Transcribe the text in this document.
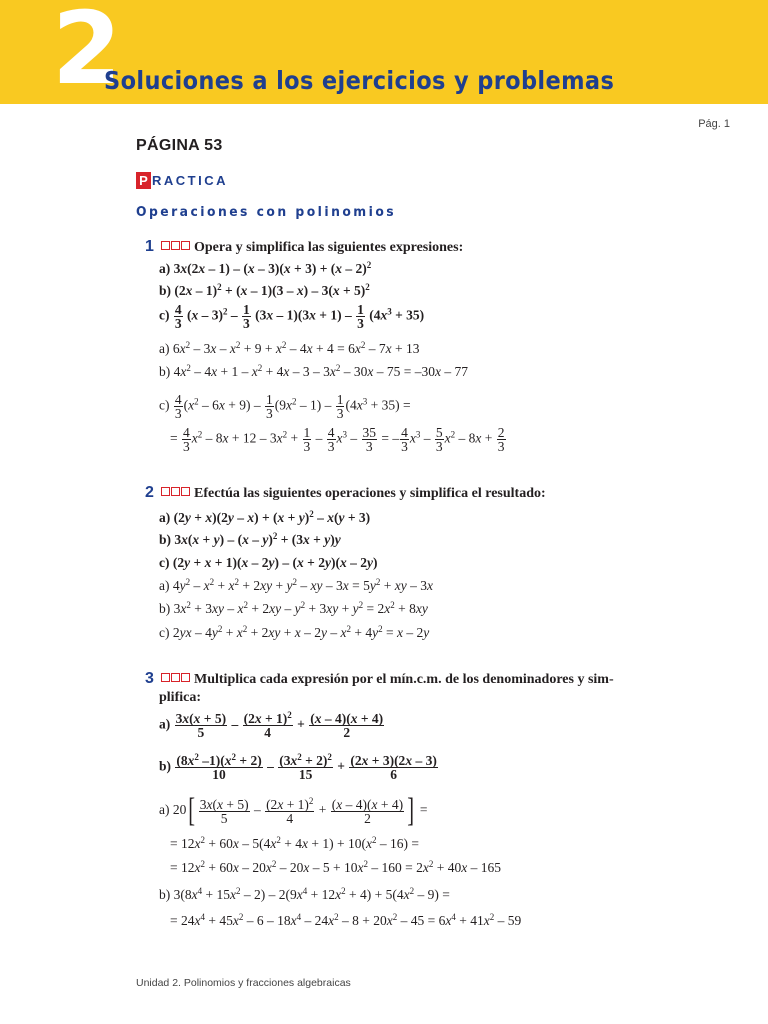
2
Soluciones a los ejercicios y problemas
Pág. 1
PÁGINA 53
P RACTICA
Operaciones con polinomios
1	Opera y simplifica las siguientes expresiones:
a) 3x(2x – 1) – (x – 3)(x + 3) + (x – 2)$^2$
b) $(2x - 1)^2 + (x - 1)(3 - x) - 3(x + 5)^2$
$c) \frac{4}{3} (x - 3)^2 - \frac{1}{3} (3x - 1)(3x + 1) - \frac{1}{3} (4x^3 + 35)$
a) $6x^2 - 3x - x^2 + 9 + x^2 - 4x + 4 = 6x^2 - 7x + 13$
b) $4x^2 - 4x + 1 - x^2 + 4x - 3 - 3x^2 - 30x - 75 = -30x - 77$
$c) \frac{4}{3} (x^2 - 6x + 9) - \frac{1}{3} (9x^2 - 1) - \frac{1}{3} (4x^3 + 35)$ =
= $\frac{4}{3} x^2 - 8x + 12 - 3x^2 + \frac{1}{3} - \frac{4}{3} x^3 - \frac{35}{3}$ = – $\frac{4}{3} x^3 - \frac{5}{3} x^2 - 8x + \frac{2}{3}$
2	Efectúa las siguientes operaciones y simplifica el resultado:
a) $(2y + x)(2y - x) + (x + y)^2 - x(y + 3)$
b) 3x(x + y) – (x – y)$^2$ + (3x + y)y
c) (2y + x + 1)(x – 2y) – (x + 2y)(x – 2y)
a) $4y^2 - x^2 + x^2 + 2xy + y^2$ – xy – $3x = 5y^2$ + xy – 3x
b) $3x^2 + 3xy - x^2 + 2xy - y^2 + 3xy + y^2 = 2x^2 + 8xy$
c) $2yx - 4y^2 + x^2 + 2xy + x - 2y - x^2 + 4y^2 = x - 2y$
3	Multiplica cada expresión por el mín.c.m. de los denominadores y sim-
plifica:
$a) \frac{3x(x + 5)}{5} - \frac{(2x + 1)^2}{4} + \frac{(x - 4)(x + 4)}{2}$
$b) \frac{(8x^2 -1)(x^2 + 2)}{10} - \frac{(3x^2 + 2)^2}{15} + \frac{(2x + 3)(2x - 3)}{6}$
a) $20[ \frac{3x(x + 5)}{5} - \frac{(2x + 1)^2}{4} + \frac{(x - 4)(x + 4)}{2}$ ] =
= $12x^2 + 60x - 5(4x^2 + 4x + 1) + 10(x^2 - 16)$ =
= $12x^2 + 60x - 20x^2 - 20x - 5 + 10x^2 - 160 = 2x^2 + 40x - 165$
b) $3(8x^4 + 15x^2 - 2) - 2(9x^4 + 12x^2 + 4) + 5(4x^2 - 9)$ =
= $24x^4 + 45x^2 - 6 - 18x^4 - 24x^2 - 8 + 20x^2 - 45 = 6x^4 + 41x^2 - 59$
Unidad 2. Polinomios y fracciones algebraicas
